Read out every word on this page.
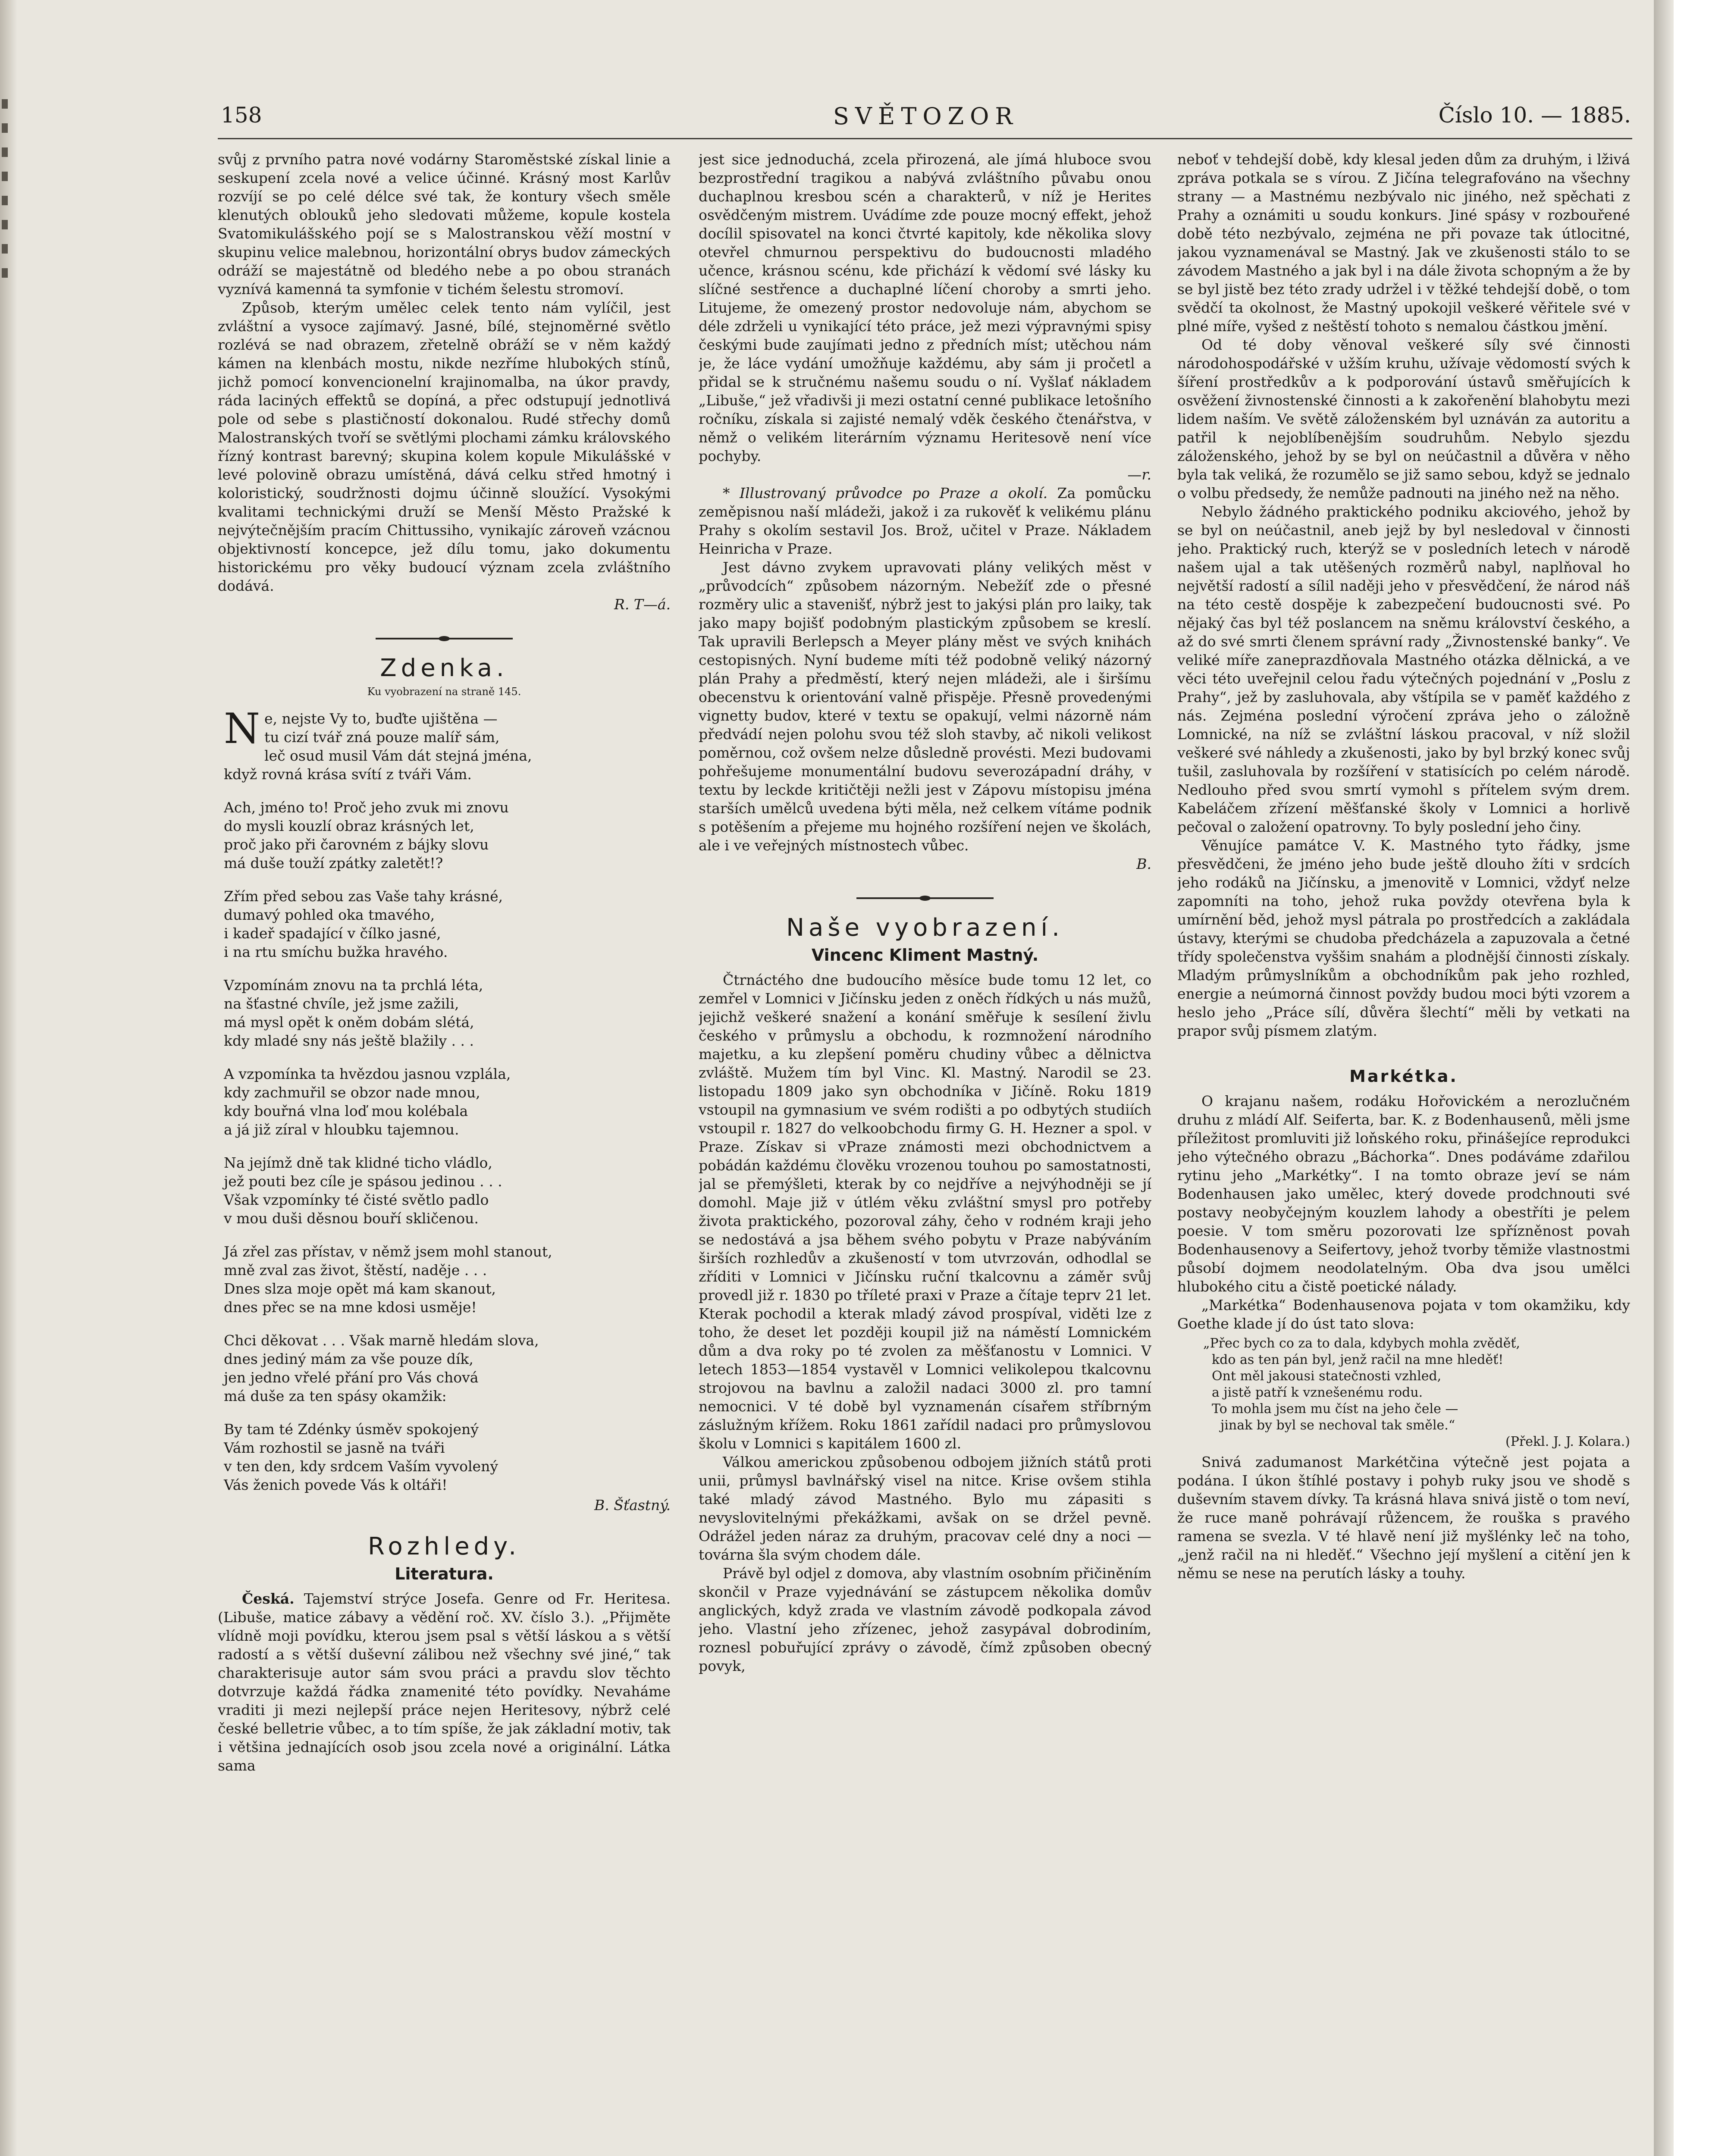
158	SVĚTOZOR	Číslo 10. — 1885.

svůj z prvního patra nové vodárny Staroměstské získal linie a seskupení zcela nové a velice účinné. Krásný most Karlův rozvíjí se po celé délce své tak, že kontury všech směle klenutých oblouků jeho sledovati můžeme, kopule kostela Svatomikulášského pojí se s Malostranskou věží mostní v skupinu velice malebnou, horizontální obrys budov zámeckých odráží se majestátně od bledého nebe a po obou stranách vyznívá kamenná ta symfonie v tichém šelestu stromoví.

Způsob, kterým umělec celek tento nám vylíčil, jest zvláštní a vysoce zajímavý. Jasné, bílé, stejnoměrné světlo rozlévá se nad obrazem, zřetelně obráží se v něm každý kámen na klenbách mostu, nikde nezříme hlubokých stínů, jichž pomocí konvencionelní krajinomalba, na úkor pravdy, ráda laciných effektů se dopíná, a přec odstupují jednotlivá pole od sebe s plastičností dokonalou. Rudé střechy domů Malostranských tvoří se světlými plochami zámku královského řízný kontrast barevný; skupina kolem kopule Mikulášské v levé polovině obrazu umístěná, dává celku střed hmotný i koloristický, soudržnosti dojmu účinně sloužící. Vysokými kvalitami technickými druží se Menší Město Pražské k nejvýtečnějším pracím Chittussiho, vynikajíc zároveň vzácnou objektivností koncepce, jež dílu tomu, jako dokumentu historickému pro věky budoucí význam zcela zvláštního dodává.

R. T—á.

Zdenka.
Ku vyobrazení na straně 145.
N e, nejste Vy to, buďte ujištěna —
tu cizí tvář zná pouze malíř sám,
leč osud musil Vám dát stejná jména,
když rovná krása svítí z tváři Vám.
Ach, jméno to! Proč jeho zvuk mi znovu
do mysli kouzlí obraz krásných let,
proč jako při čarovném z bájky slovu
má duše touží zpátky zaletět!?
Zřím před sebou zas Vaše tahy krásné,
dumavý pohled oka tmavého,
i kadeř spadající v čílko jasné,
i na rtu smíchu bužka hravého.
Vzpomínám znovu na ta prchlá léta,
na šťastné chvíle, jež jsme zažili,
má mysl opět k oněm dobám slétá,
kdy mladé sny nás ještě blažily . . .
A vzpomínka ta hvězdou jasnou vzplála,
kdy zachmuřil se obzor nade mnou,
kdy bouřná vlna loď mou kolébala
a já již zíral v hloubku tajemnou.
Na jejímž dně tak klidné ticho vládlo,
jež pouti bez cíle je spásou jedinou . . .
Však vzpomínky té čisté světlo padlo
v mou duši děsnou bouří skličenou.
Já zřel zas přístav, v němž jsem mohl stanout,
mně zval zas život, štěstí, naděje . . .
Dnes slza moje opět má kam skanout,
dnes přec se na mne kdosi usměje!
Chci děkovat . . . Však marně hledám slova,
dnes jediný mám za vše pouze dík,
jen jedno vřelé přání pro Vás chová
má duše za ten spásy okamžik:
By tam té Zdénky úsměv spokojený
Vám rozhostil se jasně na tváři
v ten den, kdy srdcem Vaším vyvolený
Vás ženich povede Vás k oltáři!

B. Šťastný.

Rozhledy.
Literatura.

Česká. Tajemství strýce Josefa. Genre od Fr. Heritesa. (Libuše, matice zábavy a vědění roč. XV. číslo 3.). „Přijměte vlídně moji povídku, kterou jsem psal s větší láskou a s větší radostí a s větší duševní zálibou než všechny své jiné,“ tak charakterisuje autor sám svou práci a pravdu slov těchto dotvrzuje každá řádka znamenité této povídky. Nevaháme vraditi ji mezi nejlepší práce nejen Heritesovy, nýbrž celé české belletrie vůbec, a to tím spíše, že jak základní motiv, tak i většina jednajících osob jsou zcela nové a originální. Látka sama

jest sice jednoduchá, zcela přirozená, ale jímá hluboce svou bezprostřední tragikou a nabývá zvláštního půvabu onou duchaplnou kresbou scén a charakterů, v níž je Herites osvědčeným mistrem. Uvádíme zde pouze mocný effekt, jehož docílil spisovatel na konci čtvrté kapitoly, kde několika slovy otevřel chmurnou perspektivu do budoucnosti mladého učence, krásnou scénu, kde přichází k vědomí své lásky ku slíčné sestřence a duchaplné líčení choroby a smrti jeho. Litujeme, že omezený prostor nedovoluje nám, abychom se déle zdrželi u vynikající této práce, jež mezi výpravnými spisy českými bude zaujímati jedno z předních míst; utěchou nám je, že láce vydání umožňuje každému, aby sám ji pročetl a přidal se k stručnému našemu soudu o ní. Vyšlať nákladem „Libuše,“ jež vřadivši ji mezi ostatní cenné publikace letošního ročníku, získala si zajisté nemalý vděk českého čtenářstva, v němž o velikém literárním významu Heritesově není více pochyby.

—r.

* Illustrovaný průvodce po Praze a okolí. Za pomůcku zeměpisnou naší mládeži, jakož i za rukověť k velikému plánu Prahy s okolím sestavil Jos. Brož, učitel v Praze. Nákladem Heinricha v Praze.

Jest dávno zvykem upravovati plány velikých měst v „průvodcích“ způsobem názorným. Nebežíť zde o přesné rozměry ulic a stavenišť, nýbrž jest to jakýsi plán pro laiky, tak jako mapy bojišť podobným plastickým způsobem se kreslí. Tak upravili Berlepsch a Meyer plány měst ve svých knihách cestopisných. Nyní budeme míti též podobně veliký názorný plán Prahy a předměstí, který nejen mládeži, ale i širšímu obecenstvu k orientování valně přispěje. Přesně provedenými vignetty budov, které v textu se opakují, velmi názorně nám předvádí nejen polohu svou též sloh stavby, ač nikoli velikost poměrnou, což ovšem nelze důsledně provésti. Mezi budovami pohřešujeme monumentální budovu severozápadní dráhy, v textu by leckde kritičtěji nežli jest v Zápovu místopisu jména starších umělců uvedena býti měla, než celkem vítáme podnik s potěšením a přejeme mu hojného rozšíření nejen ve školách, ale i ve veřejných místnostech vůbec.

B.

Naše vyobrazení.
Vincenc Kliment Mastný.

Čtrnáctého dne budoucího měsíce bude tomu 12 let, co zemřel v Lomnici v Jičínsku jeden z oněch řídkých u nás mužů, jejichž veškeré snažení a konání směřuje k sesílení živlu českého v průmyslu a obchodu, k rozmnožení národního majetku, a ku zlepšení poměru chudiny vůbec a dělnictva zvláště. Mužem tím byl Vinc. Kl. Mastný. Narodil se 23. listopadu 1809 jako syn obchodníka v Jičíně. Roku 1819 vstoupil na gymnasium ve svém rodišti a po odbytých studiích vstoupil r. 1827 do velkoobchodu firmy G. H. Hezner a spol. v Praze. Získav si vPraze známosti mezi obchodnictvem a pobádán každému člověku vrozenou touhou po samostatnosti, jal se přemýšleti, kterak by co nejdříve a nejvýhodněji se jí domohl. Maje již v útlém věku zvláštní smysl pro potřeby života praktického, pozoroval záhy, čeho v rodném kraji jeho se nedostává a jsa během svého pobytu v Praze nabýváním širších rozhledův a zkušeností v tom utvrzován, odhodlal se zříditi v Lomnici v Jičínsku ruční tkalcovnu a záměr svůj provedl již r. 1830 po tříleté praxi v Praze a čítaje teprv 21 let. Kterak pochodil a kterak mladý závod prospíval, viděti lze z toho, že deset let později koupil již na náměstí Lomnickém dům a dva roky po té zvolen za měšťanostu v Lomnici. V letech 1853—1854 vystavěl v Lomnici velikolepou tkalcovnu strojovou na bavlnu a založil nadaci 3000 zl. pro tamní nemocnici. V té době byl vyznamenán císařem stříbrným záslužným křížem. Roku 1861 zařídil nadaci pro průmyslovou školu v Lomnici s kapitálem 1600 zl.

Válkou americkou způsobenou odbojem jižních států proti unii, průmysl bavlnářský visel na nitce. Krise ovšem stihla také mladý závod Mastného. Bylo mu zápasiti s nevyslovitelnými překážkami, avšak on se držel pevně. Odrážel jeden náraz za druhým, pracovav celé dny a noci — továrna šla svým chodem dále.

Právě byl odjel z domova, aby vlastním osobním přičiněním skončil v Praze vyjednávání se zástupcem několika domův anglických, když zrada ve vlastním závodě podkopala závod jeho. Vlastní jeho zřízenec, jehož zasypával dobrodiním, roznesl pobuřující zprávy o závodě, čímž způsoben obecný povyk,

neboť v tehdejší době, kdy klesal jeden dům za druhým, i lživá zpráva potkala se s vírou. Z Jičína telegrafováno na všechny strany — a Mastnému nezbývalo nic jiného, než spěchati z Prahy a oznámiti u soudu konkurs. Jiné spásy v rozbouřené době této nezbývalo, zejména ne při povaze tak útlocitné, jakou vyznamenával se Mastný. Jak ve zkušenosti stálo to se závodem Mastného a jak byl i na dále života schopným a že by se byl jistě bez této zrady udržel i v těžké tehdejší době, o tom svědčí ta okolnost, že Mastný upokojil veškeré věřitele své v plné míře, vyšed z neštěstí tohoto s nemalou částkou jmění.

Od té doby věnoval veškeré síly své činnosti národohospodářské v užším kruhu, užívaje vědomostí svých k šíření prostředkův a k podporování ústavů směřujících k osvěžení živnostenské činnosti a k zakořenění blahobytu mezi lidem naším. Ve světě záloženském byl uznáván za autoritu a patřil k nejoblíbenějším soudruhům. Nebylo sjezdu záloženského, jehož by se byl on neúčastnil a důvěra v něho byla tak veliká, že rozumělo se již samo sebou, když se jednalo o volbu předsedy, že nemůže padnouti na jiného než na něho.

Nebylo žádného praktického podniku akciového, jehož by se byl on neúčastnil, aneb jejž by byl nesledoval v činnosti jeho. Praktický ruch, kterýž se v posledních letech v národě našem ujal a tak utěšených rozměrů nabyl, naplňoval ho největší radostí a sílil naději jeho v přesvědčení, že národ náš na této cestě dospěje k zabezpečení budoucnosti své. Po nějaký čas byl též poslancem na sněmu království českého, a až do své smrti členem správní rady „Živnostenské banky“. Ve veliké míře zaneprazdňovala Mastného otázka dělnická, a ve věci této uveřejnil celou řadu výtečných pojednání v „Poslu z Prahy“, jež by zasluhovala, aby vštípila se v paměť každého z nás. Zejména poslední výročení zpráva jeho o záložně Lomnické, na níž se zvláštní láskou pracoval, v níž složil veškeré své náhledy a zkušenosti, jako by byl brzký konec svůj tušil, zasluhovala by rozšíření v statisících po celém národě. Nedlouho před svou smrtí vymohl s přítelem svým drem. Kabeláčem zřízení měšťanské školy v Lomnici a horlivě pečoval o založení opatrovny. To byly poslední jeho činy.

Věnujíce památce V. K. Mastného tyto řádky, jsme přesvědčeni, že jméno jeho bude ještě dlouho žíti v srdcích jeho rodáků na Jičínsku, a jmenovitě v Lomnici, vždyť nelze zapomníti na toho, jehož ruka povždy otevřena byla k umírnění běd, jehož mysl pátrala po prostředcích a zakládala ústavy, kterými se chudoba předcházela a zapuzovala a četné třídy společenstva vyššim snahám a plodnější činnosti získaly. Mladým průmyslníkům a obchodníkům pak jeho rozhled, energie a neúmorná činnost povždy budou moci býti vzorem a heslo jeho „Práce sílí, důvěra šlechtí“ měli by vetkati na prapor svůj písmem zlatým.

Markétka.

O krajanu našem, rodáku Hořovickém a nerozlučném druhu z mládí Alf. Seiferta, bar. K. z Bodenhausenů, měli jsme příležitost promluviti již loňského roku, přinášejíce reprodukci jeho výtečného obrazu „Báchorka“. Dnes podáváme zdařilou rytinu jeho „Markétky“. I na tomto obraze jeví se nám Bodenhausen jako umělec, který dovede prodchnouti své postavy neobyčejným kouzlem lahody a obestříti je pelem poesie. V tom směru pozorovati lze spřízněnost povah Bodenhausenovy a Seifertovy, jehož tvorby těmiže vlastnostmi působí dojmem neodolatelným. Oba dva jsou umělci hlubokého citu a čistě poetické nálady.

„Markétka“ Bodenhausenova pojata v tom okamžiku, kdy Goethe klade jí do úst tato slova:

„Přec bych co za to dala, kdybych mohla zvěděť,
kdo as ten pán byl, jenž račil na mne hleděť!
Ont měl jakousi statečnosti vzhled,
a jistě patří k vznešenému rodu.
To mohla jsem mu číst na jeho čele —
jinak by byl se nechoval tak směle.“
(Překl. J. J. Kolara.)

Snivá zadumanost Markétčina výtečně jest pojata a podána. I úkon štíhlé postavy i pohyb ruky jsou ve shodě s duševním stavem dívky. Ta krásná hlava snivá jistě o tom neví, že ruce maně pohrávají růžencem, že rouška s pravého ramena se svezla. V té hlavě není již myšlénky leč na toho, „jenž račil na ni hleděť.“ Všechno její myšlení a citění jen k němu se nese na perutích lásky a touhy.
